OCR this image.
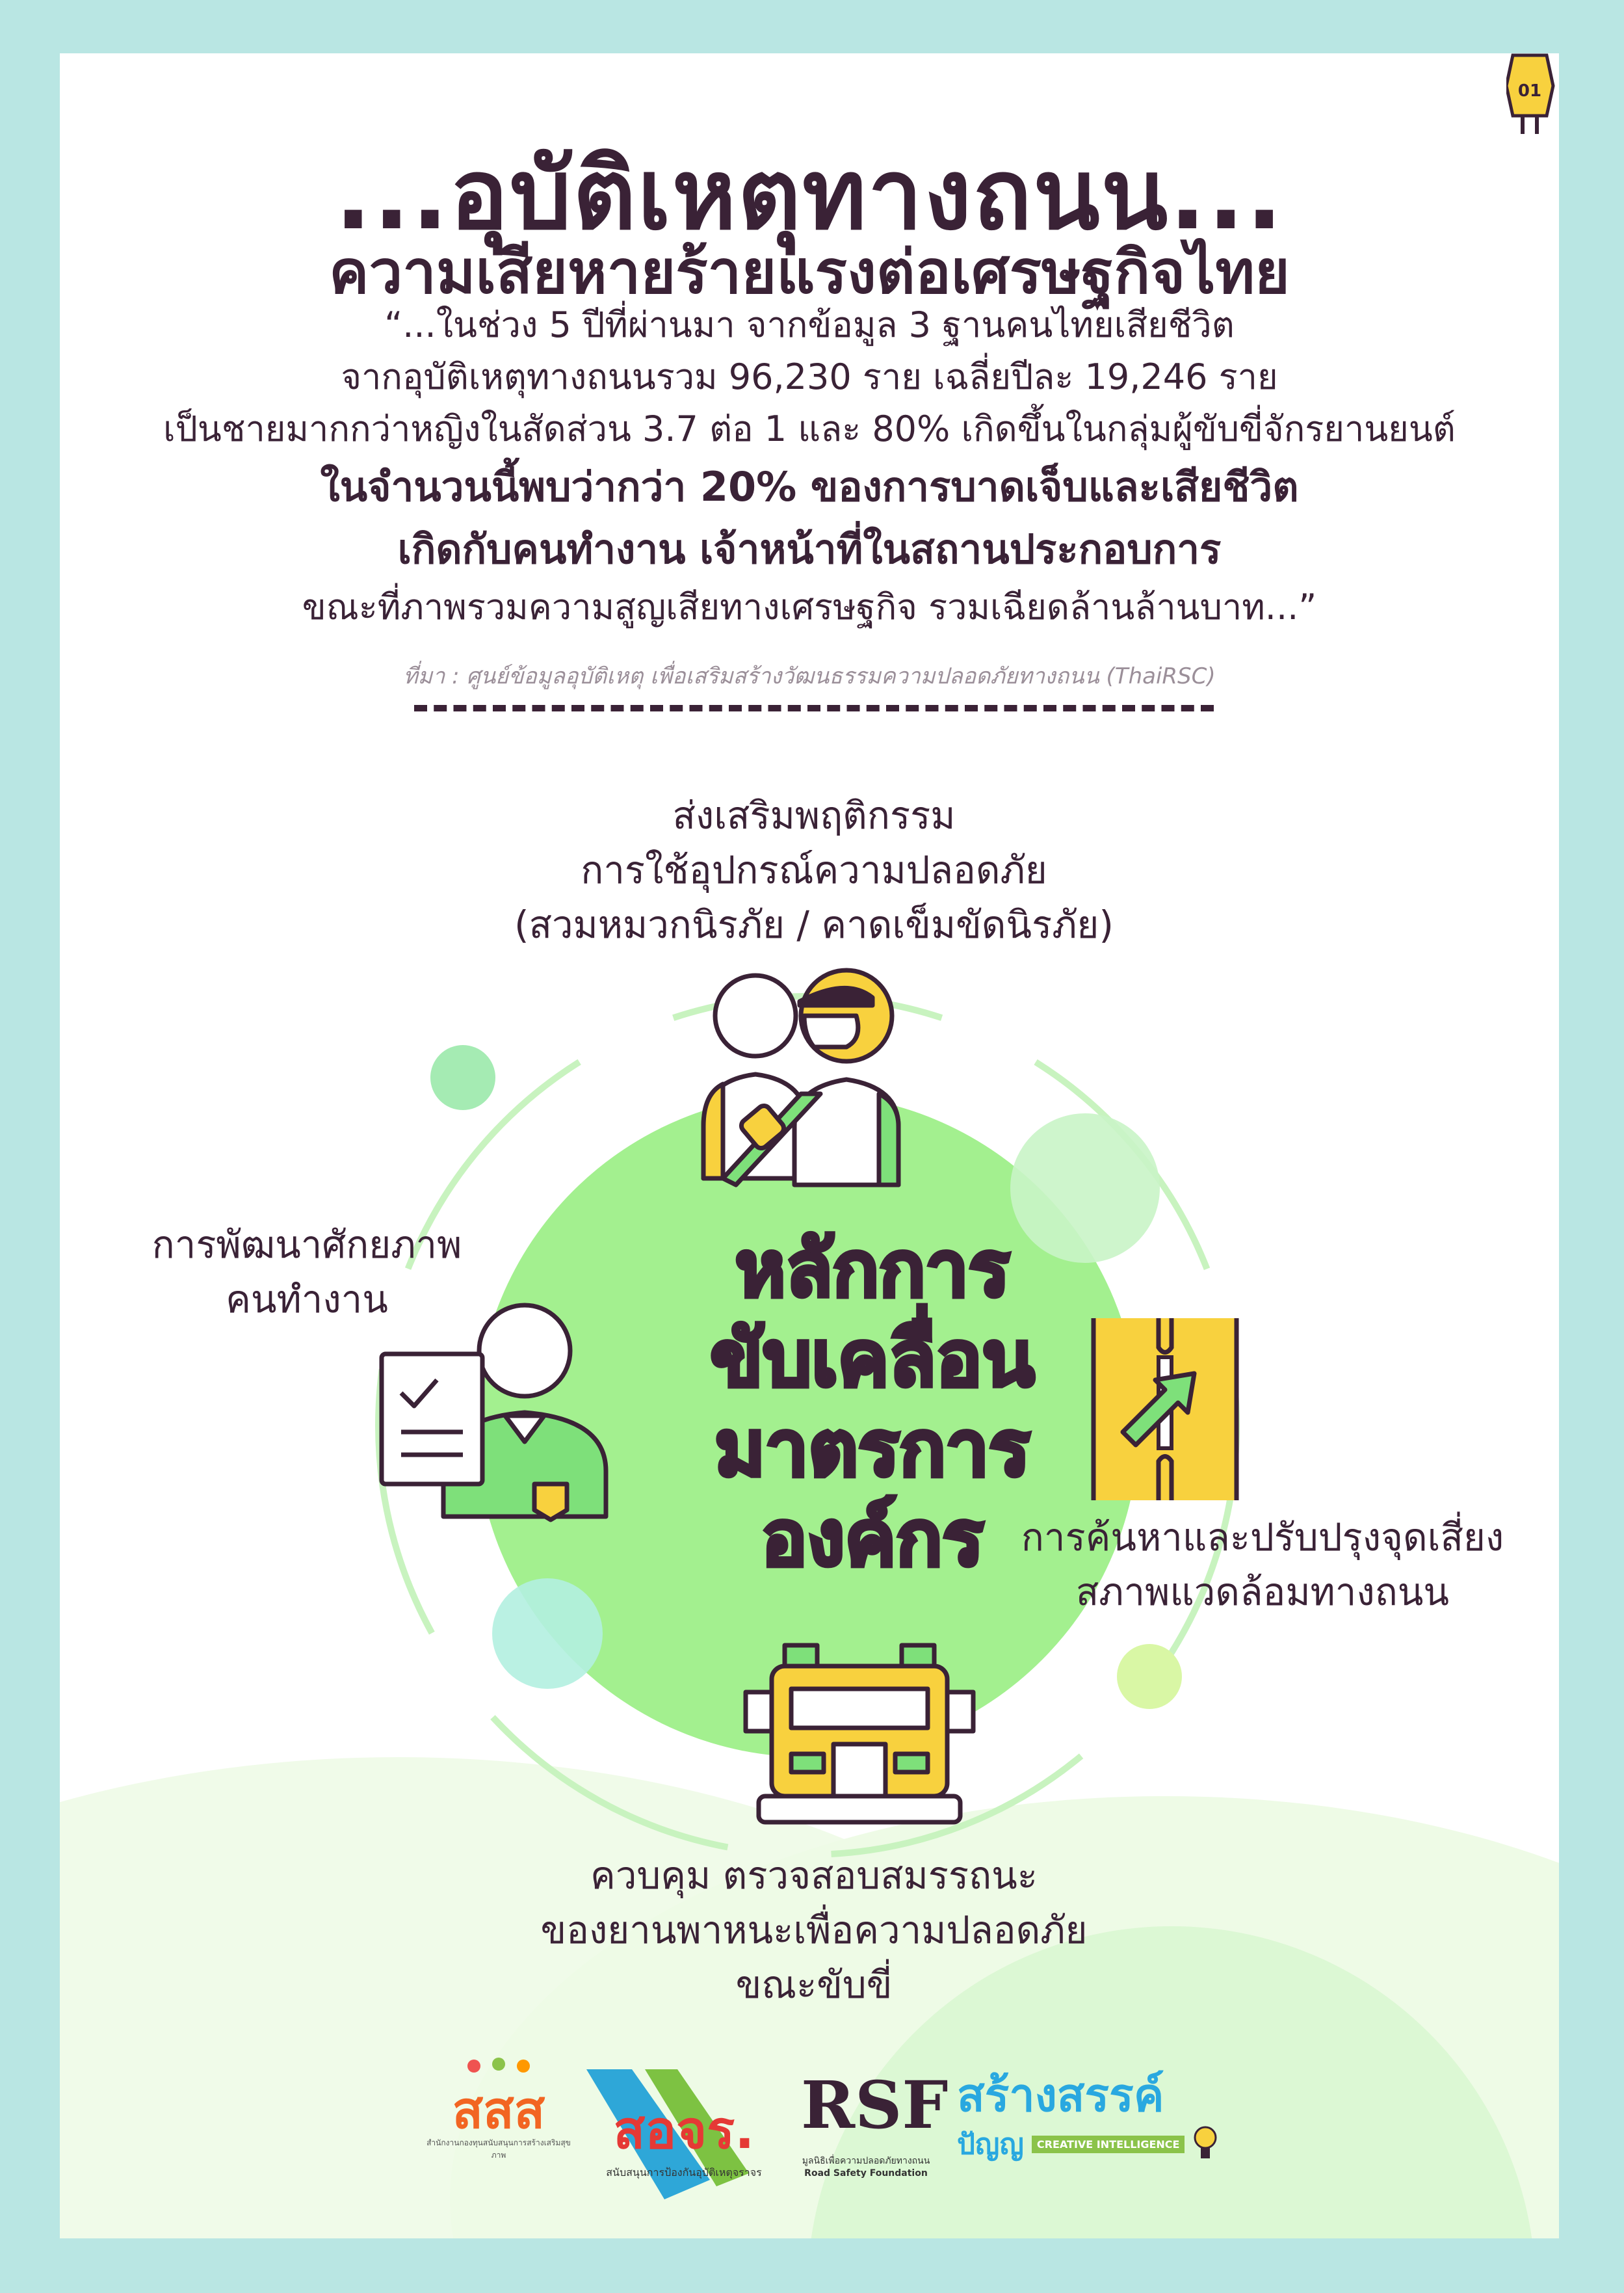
01
...อุบัติเหตุทางถนน...
ความเสียหายร้ายแรงต่อเศรษฐกิจไทย
“...ในช่วง 5 ปีที่ผ่านมา จากข้อมูล 3 ฐานคนไทยเสียชีวิต
จากอุบัติเหตุทางถนนรวม 96,230 ราย เฉลี่ยปีละ 19,246 ราย
เป็นชายมากกว่าหญิงในสัดส่วน 3.7 ต่อ 1 และ 80% เกิดขึ้นในกลุ่มผู้ขับขี่จักรยานยนต์
ในจำนวนนี้พบว่ากว่า 20% ของการบาดเจ็บและเสียชีวิต
เกิดกับคนทำงาน เจ้าหน้าที่ในสถานประกอบการ
ขณะที่ภาพรวมความสูญเสียทางเศรษฐกิจ รวมเฉียดล้านล้านบาท...”
ที่มา : ศูนย์ข้อมูลอุบัติเหตุ เพื่อเสริมสร้างวัฒนธรรมความปลอดภัยทางถนน (ThaiRSC)
ส่งเสริมพฤติกรรม
การใช้อุปกรณ์ความปลอดภัย
(สวมหมวกนิรภัย / คาดเข็มขัดนิรภัย)
การพัฒนาศักยภาพ
คนทำงาน
การค้นหาและปรับปรุงจุดเสี่ยง
สภาพแวดล้อมทางถนน
ควบคุม ตรวจสอบสมรรถนะ
ของยานพาหนะเพื่อความปลอดภัย
ขณะขับขี่
หลักการ
ขับเคลื่อน
มาตรการ
องค์กร
สสส
สำนักงานกองทุนสนับสนุนการสร้างเสริมสุขภาพ	สอจร.
สนับสนุนการป้องกันอุบัติเหตุจราจร
RSF
มูลนิธิเพื่อความปลอดภัยทางถนน
Road Safety Foundation
สร้างสรรค์
ปัญญ	CREATIVE INTELLIGENCE
